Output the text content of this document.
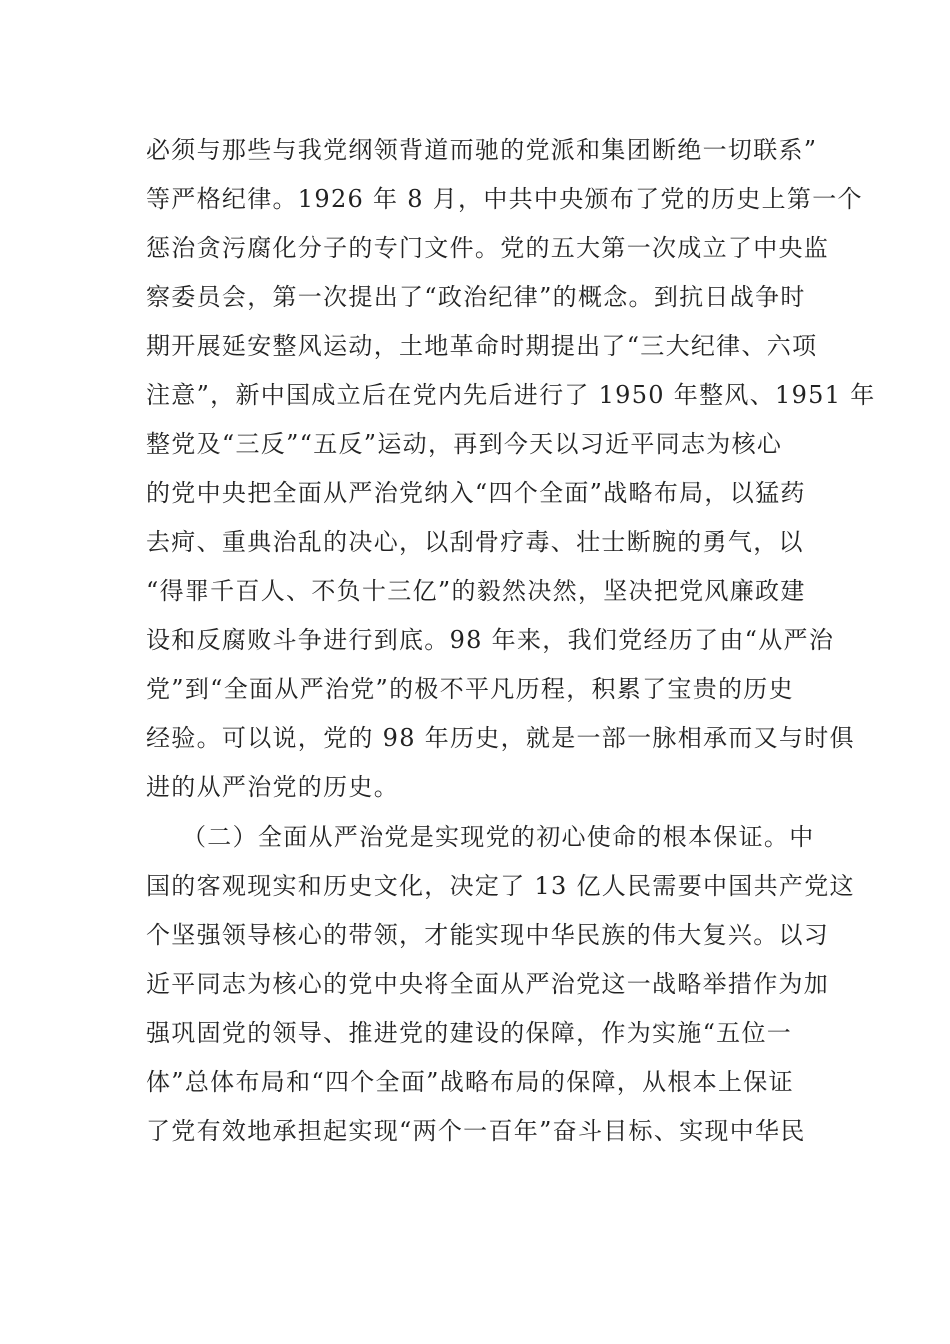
必须与那些与我党纲领背道而驰的党派和集团断绝一切联系”
等严格纪律。1926 年 8 月，中共中央颁布了党的历史上第一个
惩治贪污腐化分子的专门文件。党的五大第一次成立了中央监
察委员会，第一次提出了“政治纪律”的概念。到抗日战争时
期开展延安整风运动，土地革命时期提出了“三大纪律、六项
注意”，新中国成立后在党内先后进行了 1950 年整风、1951 年
整党及“三反”“五反”运动，再到今天以习近平同志为核心
的党中央把全面从严治党纳入“四个全面”战略布局，以猛药
去疴、重典治乱的决心，以刮骨疗毒、壮士断腕的勇气，以
“得罪千百人、不负十三亿”的毅然决然，坚决把党风廉政建
设和反腐败斗争进行到底。98 年来，我们党经历了由“从严治
党”到“全面从严治党”的极不平凡历程，积累了宝贵的历史
经验。可以说，党的 98 年历史，就是一部一脉相承而又与时俱
进的从严治党的历史。
（二）全面从严治党是实现党的初心使命的根本保证。中
国的客观现实和历史文化，决定了 13 亿人民需要中国共产党这
个坚强领导核心的带领，才能实现中华民族的伟大复兴。以习
近平同志为核心的党中央将全面从严治党这一战略举措作为加
强巩固党的领导、推进党的建设的保障，作为实施“五位一
体”总体布局和“四个全面”战略布局的保障，从根本上保证
了党有效地承担起实现“两个一百年”奋斗目标、实现中华民
